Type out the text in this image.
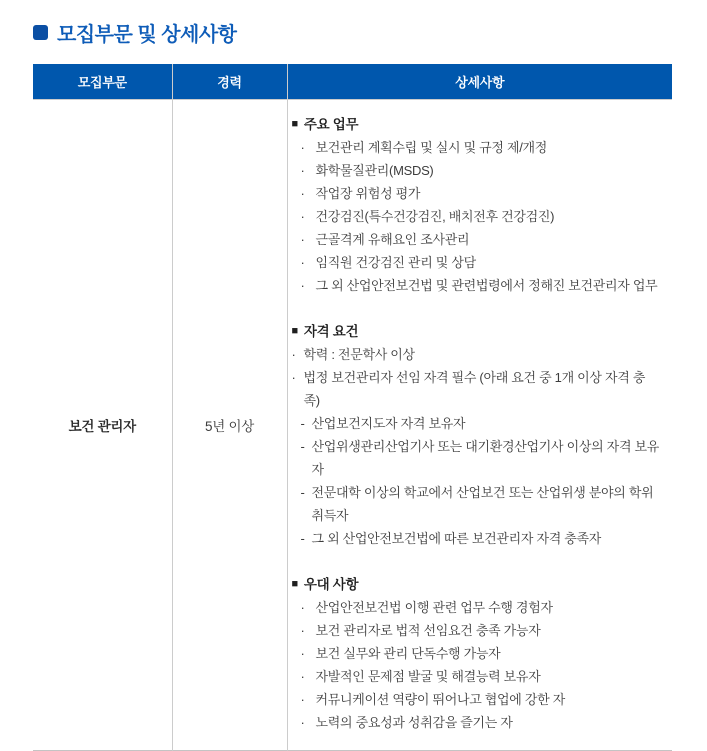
모집부문 및 상세사항
모집부문	경력	상세사항
보건 관리자	5년 이상	
■ 주요 업무
· 보건관리 계획수립 및 실시 및 규정 제/개정
· 화학물질관리(MSDS)
· 작업장 위험성 평가
· 건강검진(특수건강검진, 배치전후 건강검진)
· 근골격계 유해요인 조사관리
· 임직원 건강검진 관리 및 상담
· 그 외 산업안전보건법 및 관련법령에서 정해진 보건관리자 업무
■ 자격 요건
· 학력 : 전문학사 이상
· 법정 보건관리자 선임 자격 필수 (아래 요건 중 1개 이상 자격 충족)
- 산업보건지도자 자격 보유자
- 산업위생관리산업기사 또는 대기환경산업기사 이상의 자격 보유자
- 전문대학 이상의 학교에서 산업보건 또는 산업위생 분야의 학위 취득자
- 그 외 산업안전보건법에 따른 보건관리자 자격 충족자
■ 우대 사항
· 산업안전보건법 이행 관련 업무 수행 경험자
· 보건 관리자로 법적 선임요건 충족 가능자
· 보건 실무와 관리 단독수행 가능자
· 자발적인 문제점 발굴 및 해결능력 보유자
· 커뮤니케이션 역량이 뛰어나고 협업에 강한 자
· 노력의 중요성과 성취감을 즐기는 자
